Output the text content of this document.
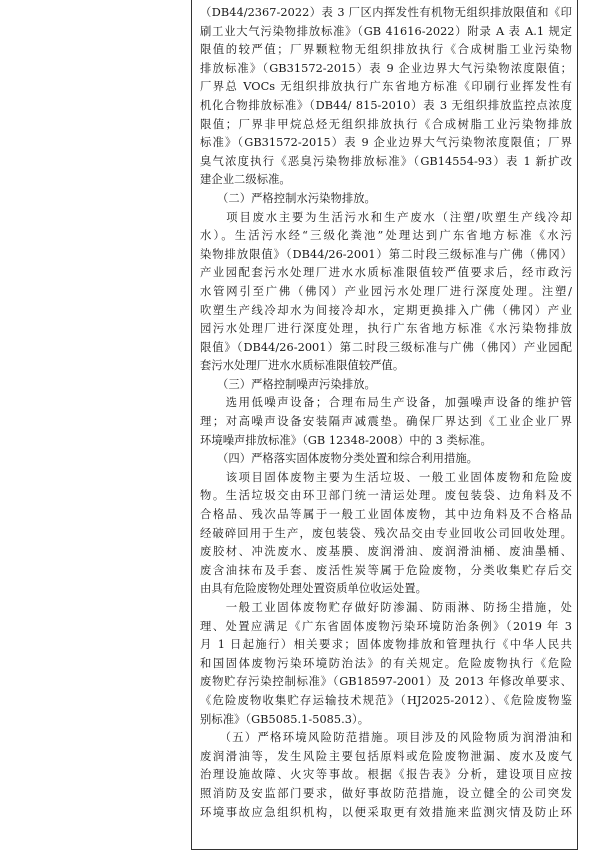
（DB44/2367-2022）表 3 厂区内挥发性有机物无组织排放限值和《印
刷工业大气污染物排放标准》（GB 41616-2022）附录 A 表 A.1 规定
限值的较严值；厂界颗粒物无组织排放执行《合成树脂工业污染物
排放标准》（GB31572-2015）表 9 企业边界大气污染物浓度限值；
厂界总 VOCs 无组织排放执行广东省地方标准《印刷行业挥发性有
机化合物排放标准》（DB44/ 815-2010）表 3 无组织排放监控点浓度
限值；厂界非甲烷总烃无组织排放执行《合成树脂工业污染物排放
标准》（GB31572-2015）表 9 企业边界大气污染物浓度限值；厂界
臭气浓度执行《恶臭污染物排放标准》（GB14554-93）表 1 新扩改
建企业二级标准。
　　（二）严格控制水污染物排放。
　　项目废水主要为生活污水和生产废水（注塑/吹塑生产线冷却
水）。生活污水经“三级化粪池”处理达到广东省地方标准《水污
染物排放限值》（DB44/26-2001）第二时段三级标准与广佛（佛冈）
产业园配套污水处理厂进水水质标准限值较严值要求后，经市政污
水管网引至广佛（佛冈）产业园污水处理厂进行深度处理。注塑/
吹塑生产线冷却水为间接冷却水，定期更换排入广佛（佛冈）产业
园污水处理厂进行深度处理，执行广东省地方标准《水污染物排放
限值》（DB44/26-2001）第二时段三级标准与广佛（佛冈）产业园配
套污水处理厂进水水质标准限值较严值。
　　（三）严格控制噪声污染排放。
　　选用低噪声设备；合理布局生产设备，加强噪声设备的维护管
理；对高噪声设备安装隔声减震垫。确保厂界达到《工业企业厂界
环境噪声排放标准》（GB 12348-2008）中的 3 类标准。
　　（四）严格落实固体废物分类处置和综合利用措施。
　　该项目固体废物主要为生活垃圾、一般工业固体废物和危险废
物。生活垃圾交由环卫部门统一清运处理。废包装袋、边角料及不
合格品、残次品等属于一般工业固体废物，其中边角料及不合格品
经破碎回用于生产，废包装袋、残次品交由专业回收公司回收处理。
废胶材、冲洗废水、废基膜、废润滑油、废润滑油桶、废油墨桶、
废含油抹布及手套、废活性炭等属于危险废物，分类收集贮存后交
由具有危险废物处理处置资质单位收运处置。
　　一般工业固体废物贮存做好防渗漏、防雨淋、防扬尘措施，处
理、处置应满足《广东省固体废物污染环境防治条例》（2019 年 3
月 1 日起施行）相关要求；固体废物排放和管理执行《中华人民共
和国固体废物污染环境防治法》的有关规定。危险废物执行《危险
废物贮存污染控制标准》（GB18597-2001）及 2013 年修改单要求、
《危险废物收集贮存运输技术规范》（HJ2025-2012）、《危险废物鉴
别标准》（GB5085.1-5085.3）。
　　（五）严格环境风险防范措施。项目涉及的风险物质为润滑油和
废润滑油等，发生风险主要包括原料或危险废物泄漏、废水及废气
治理设施故障、火灾等事故。根据《报告表》分析，建设项目应按
照消防及安监部门要求，做好事故防范措施，设立健全的公司突发
环境事故应急组织机构，以便采取更有效措施来监测灾情及防止环
